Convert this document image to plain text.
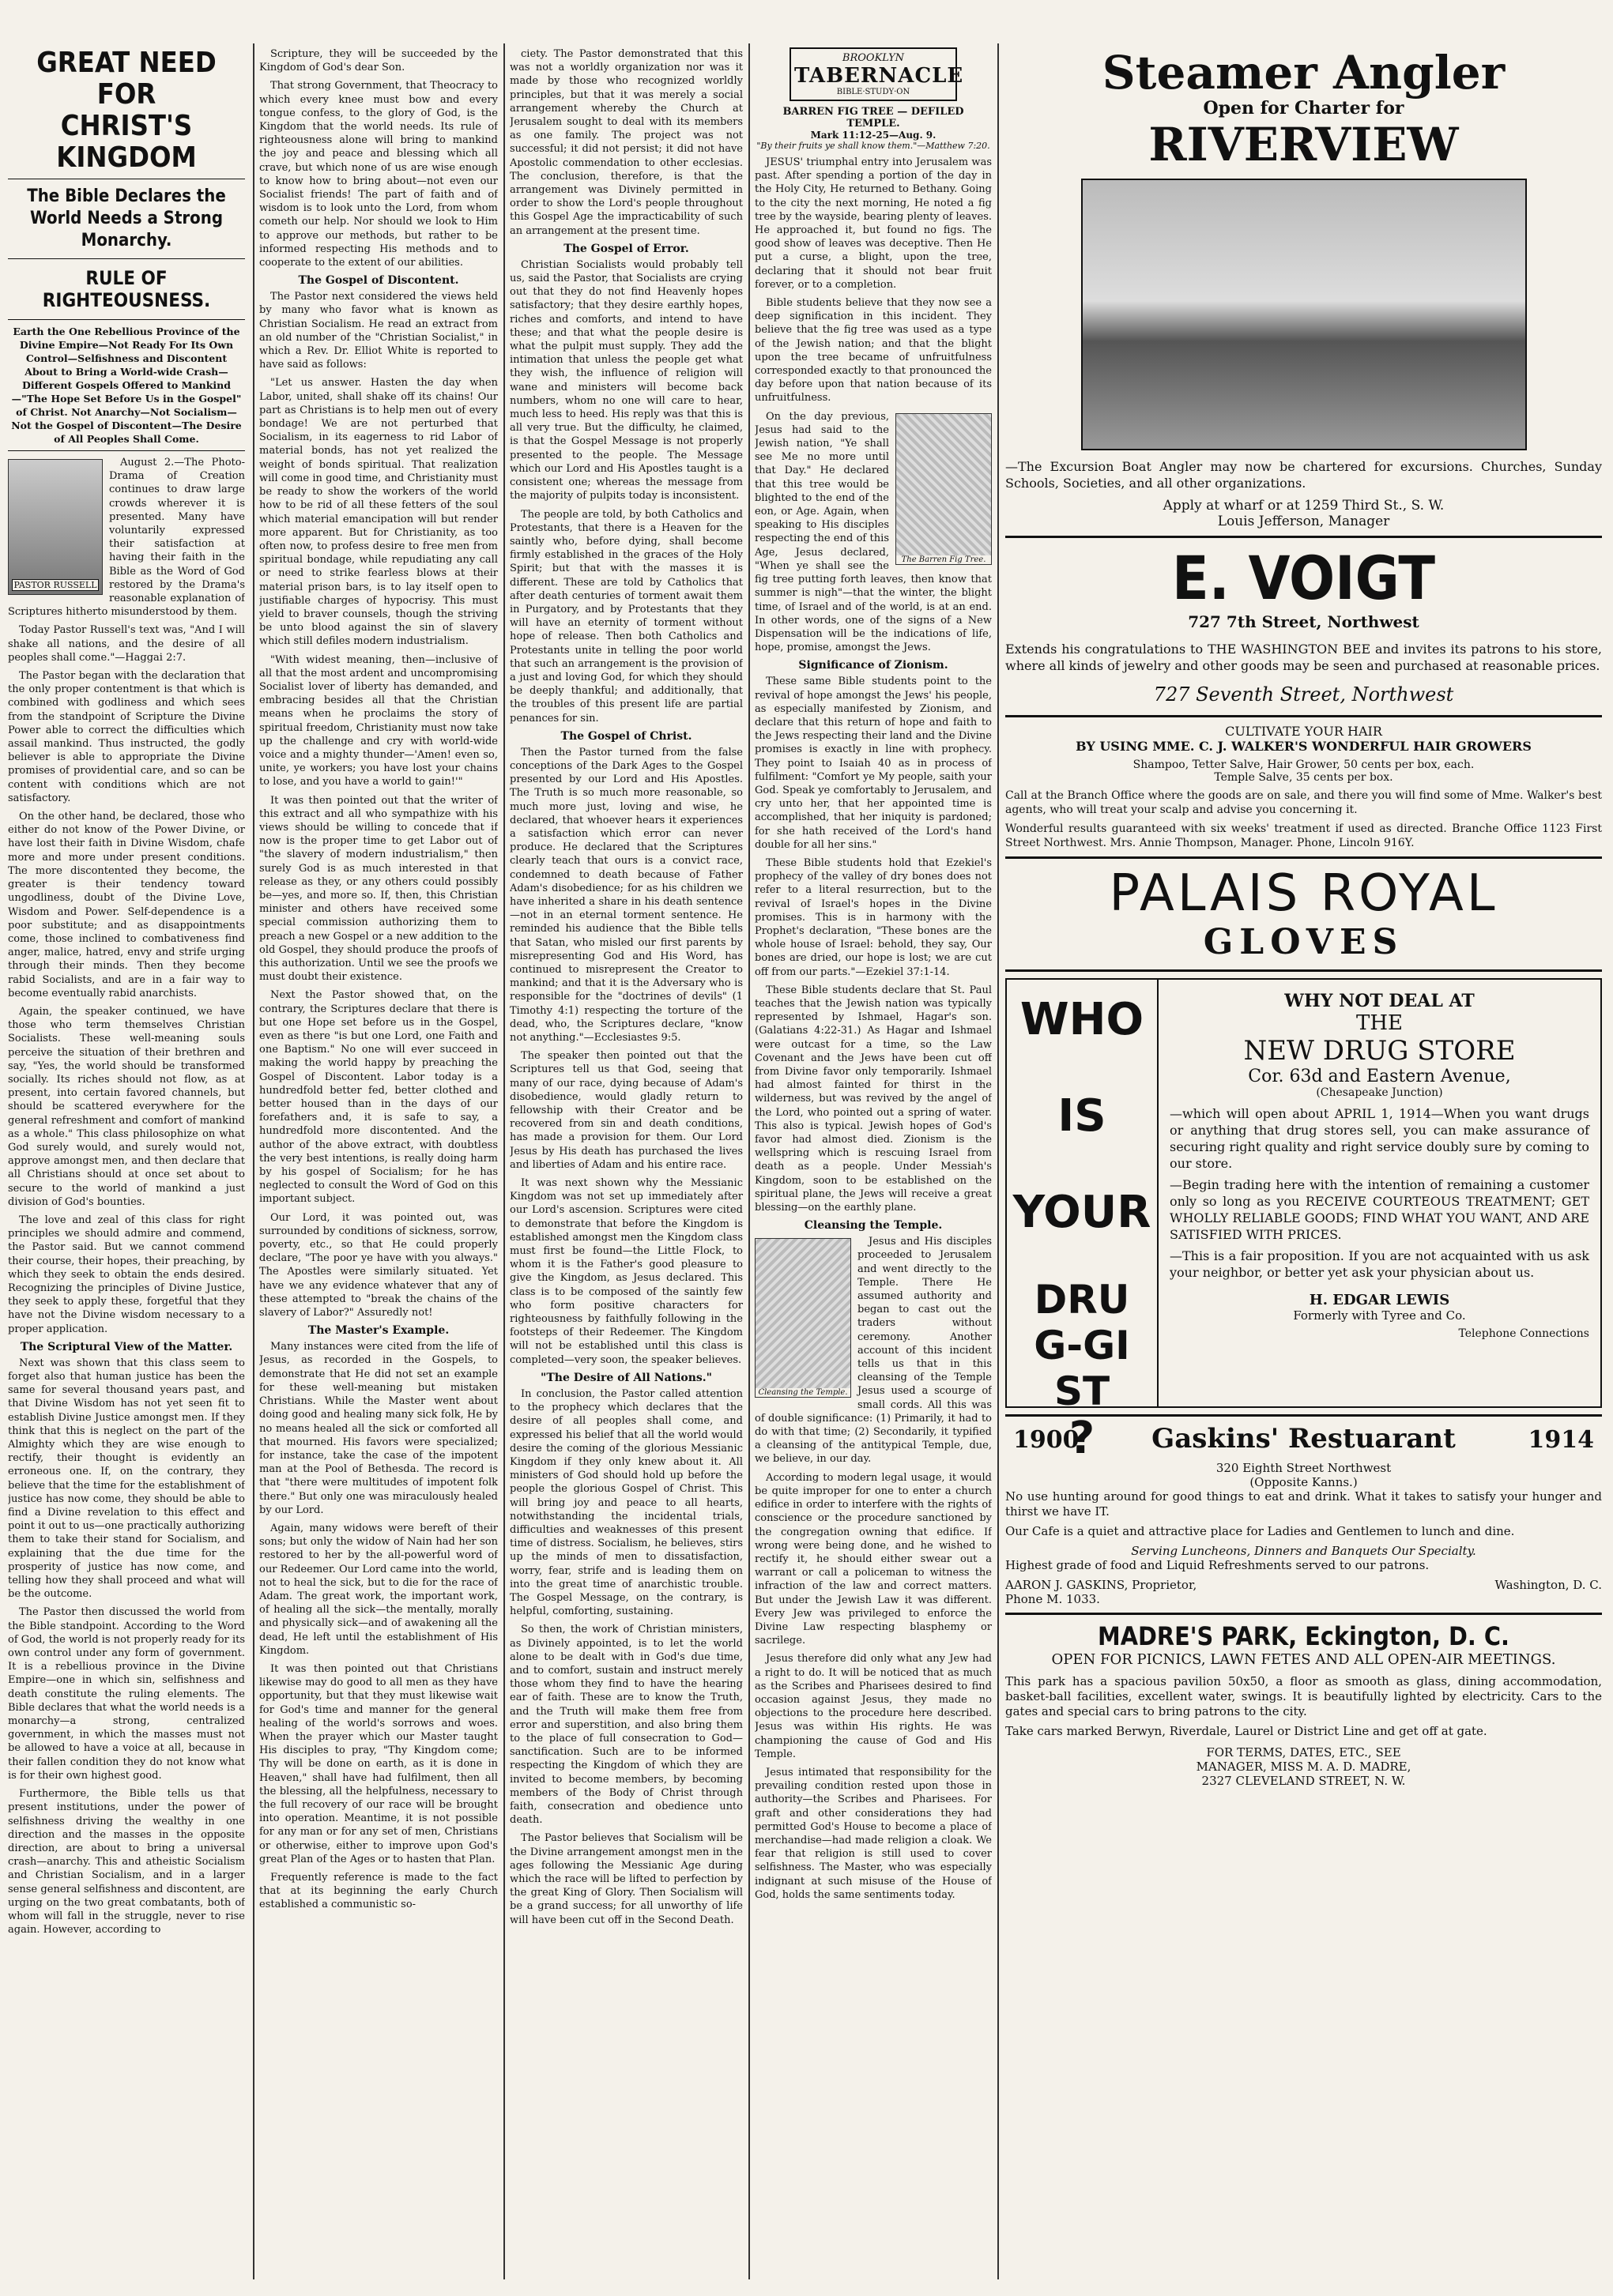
GREAT NEED FOR
CHRIST'S KINGDOM
The Bible Declares the World Needs a Strong Monarchy.
RULE OF RIGHTEOUSNESS.
Earth the One Rebellious Province of the Divine Empire—Not Ready For Its Own Control—Selfishness and Discontent About to Bring a World-wide Crash—Different Gospels Offered to Mankind—"The Hope Set Before Us in the Gospel" of Christ. Not Anarchy—Not Socialism—Not the Gospel of Discontent—The Desire of All Peoples Shall Come.
PASTOR RUSSELL

August 2.—The Photo-Drama of Creation continues to draw large crowds wherever it is presented. Many have voluntarily expressed their satisfaction at having their faith in the Bible as the Word of God restored by the Drama's reasonable explanation of Scriptures hitherto misunderstood by them.

Today Pastor Russell's text was, "And I will shake all nations, and the desire of all peoples shall come."—Haggai 2:7.

The Pastor began with the declaration that the only proper contentment is that which is combined with godliness and which sees from the standpoint of Scripture the Divine Power able to correct the difficulties which assail mankind. Thus instructed, the godly believer is able to appropriate the Divine promises of providential care, and so can be content with conditions which are not satisfactory.

On the other hand, be declared, those who either do not know of the Power Divine, or have lost their faith in Divine Wisdom, chafe more and more under present conditions. The more discontented they become, the greater is their tendency toward ungodliness, doubt of the Divine Love, Wisdom and Power. Self-dependence is a poor substitute; and as disappointments come, those inclined to combativeness find anger, malice, hatred, envy and strife urging through their minds. Then they become rabid Socialists, and are in a fair way to become eventually rabid anarchists.

Again, the speaker continued, we have those who term themselves Christian Socialists. These well-meaning souls perceive the situation of their brethren and say, "Yes, the world should be transformed socially. Its riches should not flow, as at present, into certain favored channels, but should be scattered everywhere for the general refreshment and comfort of mankind as a whole." This class philosophize on what God surely would, and surely would not, approve amongst men, and then declare that all Christians should at once set about to secure to the world of mankind a just division of God's bounties.

The love and zeal of this class for right principles we should admire and commend, the Pastor said. But we cannot commend their course, their hopes, their preaching, by which they seek to obtain the ends desired. Recognizing the principles of Divine Justice, they seek to apply these, forgetful that they have not the Divine wisdom necessary to a proper application.

The Scriptural View of the Matter.

Next was shown that this class seem to forget also that human justice has been the same for several thousand years past, and that Divine Wisdom has not yet seen fit to establish Divine Justice amongst men. If they think that this is neglect on the part of the Almighty which they are wise enough to rectify, their thought is evidently an erroneous one. If, on the contrary, they believe that the time for the establishment of justice has now come, they should be able to find a Divine revelation to this effect and point it out to us—one practically authorizing them to take their stand for Socialism, and explaining that the due time for the prosperity of justice has now come, and telling how they shall proceed and what will be the outcome.

The Pastor then discussed the world from the Bible standpoint. According to the Word of God, the world is not properly ready for its own control under any form of government. It is a rebellious province in the Divine Empire—one in which sin, selfishness and death constitute the ruling elements. The Bible declares that what the world needs is a monarchy—a strong, centralized government, in which the masses must not be allowed to have a voice at all, because in their fallen condition they do not know what is for their own highest good.

Furthermore, the Bible tells us that present institutions, under the power of selfishness driving the wealthy in one direction and the masses in the opposite direction, are about to bring a universal crash—anarchy. This and atheistic Socialism and Christian Socialism, and in a larger sense general selfishness and discontent, are urging on the two great combatants, both of whom will fall in the struggle, never to rise again. However, according to

Scripture, they will be succeeded by the Kingdom of God's dear Son.

That strong Government, that Theocracy to which every knee must bow and every tongue confess, to the glory of God, is the Kingdom that the world needs. Its rule of righteousness alone will bring to mankind the joy and peace and blessing which all crave, but which none of us are wise enough to know how to bring about—not even our Socialist friends! The part of faith and of wisdom is to look unto the Lord, from whom cometh our help. Nor should we look to Him to approve our methods, but rather to be informed respecting His methods and to cooperate to the extent of our abilities.

The Gospel of Discontent.

The Pastor next considered the views held by many who favor what is known as Christian Socialism. He read an extract from an old number of the "Christian Socialist," in which a Rev. Dr. Elliot White is reported to have said as follows:

"Let us answer. Hasten the day when Labor, united, shall shake off its chains! Our part as Christians is to help men out of every bondage! We are not perturbed that Socialism, in its eagerness to rid Labor of material bonds, has not yet realized the weight of bonds spiritual. That realization will come in good time, and Christianity must be ready to show the workers of the world how to be rid of all these fetters of the soul which material emancipation will but render more apparent. But for Christianity, as too often now, to profess desire to free men from spiritual bondage, while repudiating any call or need to strike fearless blows at their material prison bars, is to lay itself open to justifiable charges of hypocrisy. This must yield to braver counsels, though the striving be unto blood against the sin of slavery which still defiles modern industrialism.

"With widest meaning, then—inclusive of all that the most ardent and uncompromising Socialist lover of liberty has demanded, and embracing besides all that the Christian means when he proclaims the story of spiritual freedom, Christianity must now take up the challenge and cry with world-wide voice and a mighty thunder—'Amen! even so, unite, ye workers; you have lost your chains to lose, and you have a world to gain!'"

It was then pointed out that the writer of this extract and all who sympathize with his views should be willing to concede that if now is the proper time to get Labor out of "the slavery of modern industrialism," then surely God is as much interested in that release as they, or any others could possibly be—yes, and more so. If, then, this Christian minister and others have received some special commission authorizing them to preach a new Gospel or a new addition to the old Gospel, they should produce the proofs of this authorization. Until we see the proofs we must doubt their existence.

Next the Pastor showed that, on the contrary, the Scriptures declare that there is but one Hope set before us in the Gospel, even as there "is but one Lord, one Faith and one Baptism." No one will ever succeed in making the world happy by preaching the Gospel of Discontent. Labor today is a hundredfold better fed, better clothed and better housed than in the days of our forefathers and, it is safe to say, a hundredfold more discontented. And the author of the above extract, with doubtless the very best intentions, is really doing harm by his gospel of Socialism; for he has neglected to consult the Word of God on this important subject.

Our Lord, it was pointed out, was surrounded by conditions of sickness, sorrow, poverty, etc., so that He could properly declare, "The poor ye have with you always." The Apostles were similarly situated. Yet have we any evidence whatever that any of these attempted to "break the chains of the slavery of Labor?" Assuredly not!

The Master's Example.

Many instances were cited from the life of Jesus, as recorded in the Gospels, to demonstrate that He did not set an example for these well-meaning but mistaken Christians. While the Master went about doing good and healing many sick folk, He by no means healed all the sick or comforted all that mourned. His favors were specialized; for instance, take the case of the impotent man at the Pool of Bethesda. The record is that "there were multitudes of impotent folk there." But only one was miraculously healed by our Lord.

Again, many widows were bereft of their sons; but only the widow of Nain had her son restored to her by the all-powerful word of our Redeemer. Our Lord came into the world, not to heal the sick, but to die for the race of Adam. The great work, the important work, of healing all the sick—the mentally, morally and physically sick—and of awakening all the dead, He left until the establishment of His Kingdom.

It was then pointed out that Christians likewise may do good to all men as they have opportunity, but that they must likewise wait for God's time and manner for the general healing of the world's sorrows and woes. When the prayer which our Master taught His disciples to pray, "Thy Kingdom come; Thy will be done on earth, as it is done in Heaven," shall have had fulfilment, then all the blessing, all the helpfulness, necessary to the full recovery of our race will be brought into operation. Meantime, it is not possible for any man or for any set of men, Christians or otherwise, either to improve upon God's great Plan of the Ages or to hasten that Plan.

Frequently reference is made to the fact that at its beginning the early Church established a communistic so-

ciety. The Pastor demonstrated that this was not a worldly organization nor was it made by those who recognized worldly principles, but that it was merely a social arrangement whereby the Church at Jerusalem sought to deal with its members as one family. The project was not successful; it did not persist; it did not have Apostolic commendation to other ecclesias. The conclusion, therefore, is that the arrangement was Divinely permitted in order to show the Lord's people throughout this Gospel Age the impracticability of such an arrangement at the present time.

The Gospel of Error.

Christian Socialists would probably tell us, said the Pastor, that Socialists are crying out that they do not find Heavenly hopes satisfactory; that they desire earthly hopes, riches and comforts, and intend to have these; and that what the people desire is what the pulpit must supply. They add the intimation that unless the people get what they wish, the influence of religion will wane and ministers will become back numbers, whom no one will care to hear, much less to heed. His reply was that this is all very true. But the difficulty, he claimed, is that the Gospel Message is not properly presented to the people. The Message which our Lord and His Apostles taught is a consistent one; whereas the message from the majority of pulpits today is inconsistent.

The people are told, by both Catholics and Protestants, that there is a Heaven for the saintly who, before dying, shall become firmly established in the graces of the Holy Spirit; but that with the masses it is different. These are told by Catholics that after death centuries of torment await them in Purgatory, and by Protestants that they will have an eternity of torment without hope of release. Then both Catholics and Protestants unite in telling the poor world that such an arrangement is the provision of a just and loving God, for which they should be deeply thankful; and additionally, that the troubles of this present life are partial penances for sin.

The Gospel of Christ.

Then the Pastor turned from the false conceptions of the Dark Ages to the Gospel presented by our Lord and His Apostles. The Truth is so much more reasonable, so much more just, loving and wise, he declared, that whoever hears it experiences a satisfaction which error can never produce. He declared that the Scriptures clearly teach that ours is a convict race, condemned to death because of Father Adam's disobedience; for as his children we have inherited a share in his death sentence—not in an eternal torment sentence. He reminded his audience that the Bible tells that Satan, who misled our first parents by misrepresenting God and His Word, has continued to misrepresent the Creator to mankind; and that it is the Adversary who is responsible for the "doctrines of devils" (1 Timothy 4:1) respecting the torture of the dead, who, the Scriptures declare, "know not anything."—Ecclesiastes 9:5.

The speaker then pointed out that the Scriptures tell us that God, seeing that many of our race, dying because of Adam's disobedience, would gladly return to fellowship with their Creator and be recovered from sin and death conditions, has made a provision for them. Our Lord Jesus by His death has purchased the lives and liberties of Adam and his entire race.

It was next shown why the Messianic Kingdom was not set up immediately after our Lord's ascension. Scriptures were cited to demonstrate that before the Kingdom is established amongst men the Kingdom class must first be found—the Little Flock, to whom it is the Father's good pleasure to give the Kingdom, as Jesus declared. This class is to be composed of the saintly few who form positive characters for righteousness by faithfully following in the footsteps of their Redeemer. The Kingdom will not be established until this class is completed—very soon, the speaker believes.

"The Desire of All Nations."

In conclusion, the Pastor called attention to the prophecy which declares that the desire of all peoples shall come, and expressed his belief that all the world would desire the coming of the glorious Messianic Kingdom if they only knew about it. All ministers of God should hold up before the people the glorious Gospel of Christ. This will bring joy and peace to all hearts, notwithstanding the incidental trials, difficulties and weaknesses of this present time of distress. Socialism, he believes, stirs up the minds of men to dissatisfaction, worry, fear, strife and is leading them on into the great time of anarchistic trouble. The Gospel Message, on the contrary, is helpful, comforting, sustaining.

So then, the work of Christian ministers, as Divinely appointed, is to let the world alone to be dealt with in God's due time, and to comfort, sustain and instruct merely those whom they find to have the hearing ear of faith. These are to know the Truth, and the Truth will make them free from error and superstition, and also bring them to the place of full consecration to God—sanctification. Such are to be informed respecting the Kingdom of which they are invited to become members, by becoming members of the Body of Christ through faith, consecration and obedience unto death.

The Pastor believes that Socialism will be the Divine arrangement amongst men in the ages following the Messianic Age during which the race will be lifted to perfection by the great King of Glory. Then Socialism will be a grand success; for all unworthy of life will have been cut off in the Second Death.

BROOKLYN
TABERNACLE
BIBLE·STUDY·ON
BARREN FIG TREE — DEFILED TEMPLE.
Mark 11:12-25—Aug. 9.
"By their fruits ye shall know them."—Matthew 7:20.

JESUS' triumphal entry into Jerusalem was past. After spending a portion of the day in the Holy City, He returned to Bethany. Going to the city the next morning, He noted a fig tree by the wayside, bearing plenty of leaves. He approached it, but found no figs. The good show of leaves was deceptive. Then He put a curse, a blight, upon the tree, declaring that it should not bear fruit forever, or to a completion.

Bible students believe that they now see a deep signification in this incident. They believe that the fig tree was used as a type of the Jewish nation; and that the blight upon the tree became of unfruitfulness corresponded exactly to that pronounced the day before upon that nation because of its unfruitfulness.

The Barren Fig Tree.

On the day previous, Jesus had said to the Jewish nation, "Ye shall see Me no more until that Day." He declared that this tree would be blighted to the end of the eon, or Age. Again, when speaking to His disciples respecting the end of this Age, Jesus declared, "When ye shall see the fig tree putting forth leaves, then know that summer is nigh"—that the winter, the blight time, of Israel and of the world, is at an end. In other words, one of the signs of a New Dispensation will be the indications of life, hope, promise, amongst the Jews.

Significance of Zionism.

These same Bible students point to the revival of hope amongst the Jews' his people, as especially manifested by Zionism, and declare that this return of hope and faith to the Jews respecting their land and the Divine promises is exactly in line with prophecy. They point to Isaiah 40 as in process of fulfilment: "Comfort ye My people, saith your God. Speak ye comfortably to Jerusalem, and cry unto her, that her appointed time is accomplished, that her iniquity is pardoned; for she hath received of the Lord's hand double for all her sins."

These Bible students hold that Ezekiel's prophecy of the valley of dry bones does not refer to a literal resurrection, but to the revival of Israel's hopes in the Divine promises. This is in harmony with the Prophet's declaration, "These bones are the whole house of Israel: behold, they say, Our bones are dried, our hope is lost; we are cut off from our parts."—Ezekiel 37:1-14.

These Bible students declare that St. Paul teaches that the Jewish nation was typically represented by Ishmael, Hagar's son. (Galatians 4:22-31.) As Hagar and Ishmael were outcast for a time, so the Law Covenant and the Jews have been cut off from Divine favor only temporarily. Ishmael had almost fainted for thirst in the wilderness, but was revived by the angel of the Lord, who pointed out a spring of water. This also is typical. Jewish hopes of God's favor had almost died. Zionism is the wellspring which is rescuing Israel from death as a people. Under Messiah's Kingdom, soon to be established on the spiritual plane, the Jews will receive a great blessing—on the earthly plane.

Cleansing the Temple.
Cleansing the Temple.

Jesus and His disciples proceeded to Jerusalem and went directly to the Temple. There He assumed authority and began to cast out the traders without ceremony. Another account of this incident tells us that in this cleansing of the Temple Jesus used a scourge of small cords. All this was of double significance: (1) Primarily, it had to do with that time; (2) Secondarily, it typified a cleansing of the antitypical Temple, due, we believe, in our day.

According to modern legal usage, it would be quite improper for one to enter a church edifice in order to interfere with the rights of conscience or the procedure sanctioned by the congregation owning that edifice. If wrong were being done, and he wished to rectify it, he should either swear out a warrant or call a policeman to witness the infraction of the law and correct matters. But under the Jewish Law it was different. Every Jew was privileged to enforce the Divine Law respecting blasphemy or sacrilege.

Jesus therefore did only what any Jew had a right to do. It will be noticed that as much as the Scribes and Pharisees desired to find occasion against Jesus, they made no objections to the procedure here described. Jesus was within His rights. He was championing the cause of God and His Temple.

Jesus intimated that responsibility for the prevailing condition rested upon those in authority—the Scribes and Pharisees. For graft and other considerations they had permitted God's House to become a place of merchandise—had made religion a cloak. We fear that religion is still used to cover selfishness. The Master, who was especially indignant at such misuse of the House of God, holds the same sentiments today.

Steamer Angler
Open for Charter for
RIVERVIEW

—The Excursion Boat Angler may now be chartered for excursions. Churches, Sunday Schools, Societies, and all other organizations.

Apply at wharf or at 1259 Third St., S. W.
Louis Jefferson, Manager
E. VOIGT
727 7th Street, Northwest

Extends his congratulations to THE WASHINGTON BEE and invites its patrons to his store, where all kinds of jewelry and other goods may be seen and purchased at reasonable prices.

727 Seventh Street, Northwest
CULTIVATE YOUR HAIR
BY USING MME. C. J. WALKER'S WONDERFUL HAIR GROWERS
Shampoo, Tetter Salve, Hair Grower, 50 cents per box, each.
Temple Salve, 35 cents per box.

Call at the Branch Office where the goods are on sale, and there you will find some of Mme. Walker's best agents, who will treat your scalp and advise you concerning it.

Wonderful results guaranteed with six weeks' treatment if used as directed. Branche Office 1123 First Street Northwest. Mrs. Annie Thompson, Manager. Phone, Lincoln 916Y.

PALAIS ROYAL
GLOVES
WHO
IS
YOUR
DRUG-GIST
?
WHY NOT DEAL AT
THE
NEW DRUG STORE
Cor. 63d and Eastern Avenue,
(Chesapeake Junction)

—which will open about APRIL 1, 1914—When you want drugs or anything that drug stores sell, you can make assurance of securing right quality and right service doubly sure by coming to our store.

—Begin trading here with the intention of remaining a customer only so long as you RECEIVE COURTEOUS TREATMENT; GET WHOLLY RELIABLE GOODS; FIND WHAT YOU WANT, AND ARE SATISFIED WITH PRICES.

—This is a fair proposition. If you are not acquainted with us ask your neighbor, or better yet ask your physician about us.

H. EDGAR LEWIS
Formerly with Tyree and Co.
Telephone Connections
1900	Gaskins' Restuarant	1914
320 Eighth Street Northwest
(Opposite Kanns.)

No use hunting around for good things to eat and drink. What it takes to satisfy your hunger and thirst we have IT.

Our Cafe is a quiet and attractive place for Ladies and Gentlemen to lunch and dine.

Serving Luncheons, Dinners and Banquets Our Specialty.

Highest grade of food and Liquid Refreshments served to our patrons.

AARON J. GASKINS, Proprietor,	Washington, D. C.
Phone M. 1033.
MADRE'S PARK, Eckington, D. C.
OPEN FOR PICNICS, LAWN FETES AND ALL OPEN-AIR MEETINGS.

This park has a spacious pavilion 50x50, a floor as smooth as glass, dining accommodation, basket-ball facilities, excellent water, swings. It is beautifully lighted by electricity. Cars to the gates and special cars to bring patrons to the city.

Take cars marked Berwyn, Riverdale, Laurel or District Line and get off at gate.

FOR TERMS, DATES, ETC., SEE
MANAGER, MISS M. A. D. MADRE,
2327 CLEVELAND STREET, N. W.
